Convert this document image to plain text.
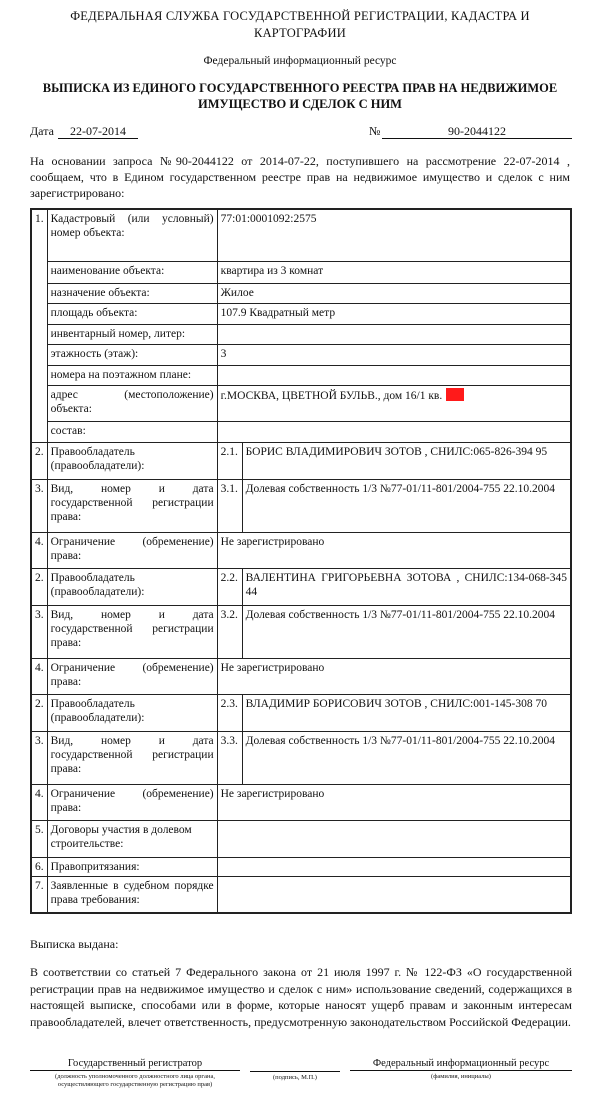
ФЕДЕРАЛЬНАЯ СЛУЖБА ГОСУДАРСТВЕННОЙ РЕГИСТРАЦИИ, КАДАСТРА И КАРТОГРАФИИ
Федеральный информационный ресурс
ВЫПИСКА ИЗ ЕДИНОГО ГОСУДАРСТВЕННОГО РЕЕСТРА ПРАВ НА НЕДВИЖИМОЕ ИМУЩЕСТВО И СДЕЛОК С НИМ
Дата	22-07-2014	№	90-2044122
На основании запроса №90-2044122 от 2014-07-22, поступившего на рассмотрение 22-07-2014 , сообщаем, что в Едином государственном реестре прав на недвижимое имущество и сделок с ним зарегистрировано:
1.	Кадастровый (или условный) номер объекта:	77:01:0001092:2575	
	наименование объекта:	квартира из 3 комнат	
	назначение объекта:	Жилое	
	площадь объекта:	107.9 Квадратный метр	
	инвентарный номер, литер:		
	этажность (этаж):	3	
	номера на поэтажном плане:		
	адрес (местоположение) объекта:	г.МОСКВА, ЦВЕТНОЙ БУЛЬВ., дом 16/1 кв.	
	состав:		
2.	Правообладатель (правообладатели):	2.1.	БОРИС ВЛАДИМИРОВИЧ ЗОТОВ , СНИЛС:065-826-394 95
3.	Вид, номер и дата государственной регистрации права:	3.1.	Долевая собственность 1/3 №77-01/11-801/2004-755 22.10.2004
4.	Ограничение (обременение) права:	Не зарегистрировано	
2.	Правообладатель (правообладатели):	2.2.	ВАЛЕНТИНА ГРИГОРЬЕВНА ЗОТОВА , СНИЛС:134-068-345 44
3.	Вид, номер и дата государственной регистрации права:	3.2.	Долевая собственность 1/3 №77-01/11-801/2004-755 22.10.2004
4.	Ограничение (обременение) права:	Не зарегистрировано	
2.	Правообладатель (правообладатели):	2.3.	ВЛАДИМИР БОРИСОВИЧ ЗОТОВ , СНИЛС:001-145-308 70
3.	Вид, номер и дата государственной регистрации права:	3.3.	Долевая собственность 1/3 №77-01/11-801/2004-755 22.10.2004
4.	Ограничение (обременение) права:	Не зарегистрировано	
5.	Договоры участия в долевом строительстве:		
6.	Правопритязания:		
7.	Заявленные в судебном порядке права требования:		
Выписка выдана:
В соответствии со статьей 7 Федерального закона от 21 июля 1997 г. № 122-ФЗ «О государственной регистрации прав на недвижимое имущество и сделок с ним» использование сведений, содержащихся в настоящей выписке, способами или в форме, которые наносят ущерб правам и законным интересам правообладателей, влечет ответственность, предусмотренную законодательством Российской Федерации.
Государственный регистратор
(должность уполномоченного должностного лица органа, осуществляющего государственную регистрацию прав)
(подпись, М.П.)
Федеральный информационный ресурс
(фамилия, инициалы)
